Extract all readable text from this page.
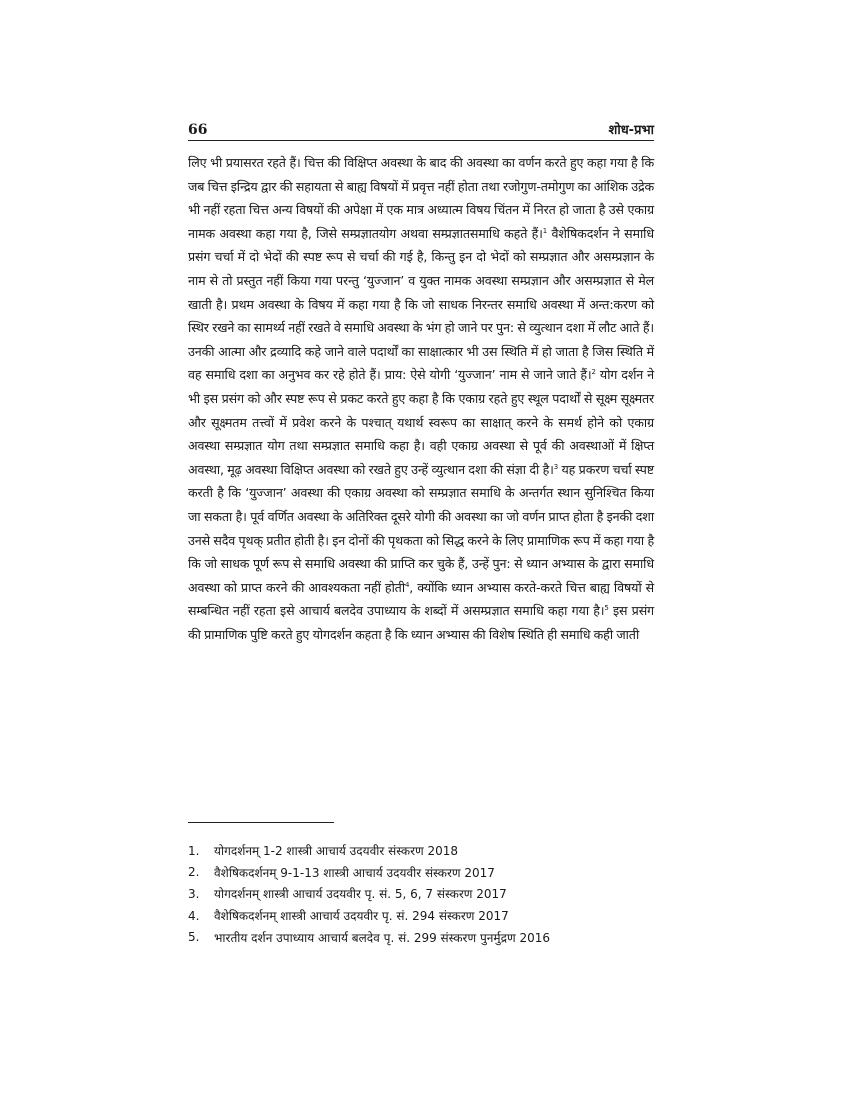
66	शोध-प्रभा

लिए भी प्रयासरत रहते हैं। चित्त की विक्षिप्त अवस्था के बाद की अवस्था का वर्णन करते हुए कहा गया है कि जब चित्त इन्द्रिय द्वार की सहायता से बाह्य विषयों में प्रवृत्त नहीं होता तथा रजोगुण-तमोगुण का आंशिक उद्रेक भी नहीं रहता चित्त अन्य विषयों की अपेक्षा में एक मात्र अध्यात्म विषय चिंतन में निरत हो जाता है उसे एकाग्र नामक अवस्था कहा गया है, जिसे सम्प्रज्ञातयोग अथवा सम्प्रज्ञातसमाधि कहते हैं।$^1$ वैशेषिकदर्शन ने समाधि प्रसंग चर्चा में दो भेदों की स्पष्ट रूप से चर्चा की गई है, किन्तु इन दो भेदों को सम्प्रज्ञात और असम्प्रज्ञान के नाम से तो प्रस्तुत नहीं किया गया परन्तु ‘युज्जान’ व युक्त नामक अवस्था सम्प्रज्ञान और असम्प्रज्ञात से मेल खाती है। प्रथम अवस्था के विषय में कहा गया है कि जो साधक निरन्तर समाधि अवस्था में अन्त:करण को स्थिर रखने का सामर्थ्य नहीं रखते वे समाधि अवस्था के भंग हो जाने पर पुन: से व्युत्थान दशा में लौट आते हैं। उनकी आत्मा और द्रव्यादि कहे जाने वाले पदार्थों का साक्षात्कार भी उस स्थिति में हो जाता है जिस स्थिति में वह समाधि दशा का अनुभव कर रहे होते हैं। प्राय: ऐसे योगी ‘युज्जान’ नाम से जाने जाते हैं।$^2$ योग दर्शन ने भी इस प्रसंग को और स्पष्ट रूप से प्रकट करते हुए कहा है कि एकाग्र रहते हुए स्थूल पदार्थों से सूक्ष्म सूक्ष्मतर और सूक्ष्मतम तत्त्वों में प्रवेश करने के पश्चात् यथार्थ स्वरूप का साक्षात् करने के समर्थ होने को एकाग्र अवस्था सम्प्रज्ञात योग तथा सम्प्रज्ञात समाधि कहा है। वही एकाग्र अवस्था से पूर्व की अवस्थाओं में क्षिप्त अवस्था, मूढ़ अवस्था विक्षिप्त अवस्था को रखते हुए उन्हें व्युत्थान दशा की संज्ञा दी है।$^3$ यह प्रकरण चर्चा स्पष्ट करती है कि ‘युज्जान’ अवस्था की एकाग्र अवस्था को सम्प्रज्ञात समाधि के अन्तर्गत स्थान सुनिश्चित किया जा सकता है। पूर्व वर्णित अवस्था के अतिरिक्त दूसरे योगी की अवस्था का जो वर्णन प्राप्त होता है इनकी दशा उनसे सदैव पृथक् प्रतीत होती है। इन दोनों की पृथकता को सिद्ध करने के लिए प्रामाणिक रूप में कहा गया है कि जो साधक पूर्ण रूप से समाधि अवस्था की प्राप्ति कर चुके हैं, उन्हें पुन: से ध्यान अभ्यास के द्वारा समाधि अवस्था को प्राप्त करने की आवश्यकता नहीं होती$^4$, क्योंकि ध्यान अभ्यास करते-करते चित्त बाह्य विषयों से सम्बन्धित नहीं रहता इसे आचार्य बलदेव उपाध्याय के शब्दों में असम्प्रज्ञात समाधि कहा गया है।$^5$ इस प्रसंग की प्रामाणिक पुष्टि करते हुए योगदर्शन कहता है कि ध्यान अभ्यास की विशेष स्थिति ही समाधि कही जाती

1.	योगदर्शनम् 1-2 शास्त्री आचार्य उदयवीर संस्करण 2018
2.	वैशेषिकदर्शनम् 9-1-13 शास्त्री आचार्य उदयवीर संस्करण 2017
3.	योगदर्शनम् शास्त्री आचार्य उदयवीर पृ. सं. 5, 6, 7 संस्करण 2017
4.	वैशेषिकदर्शनम् शास्त्री आचार्य उदयवीर पृ. सं. 294 संस्करण 2017
5.	भारतीय दर्शन उपाध्याय आचार्य बलदेव पृ. सं. 299 संस्करण पुनर्मुद्रण 2016
